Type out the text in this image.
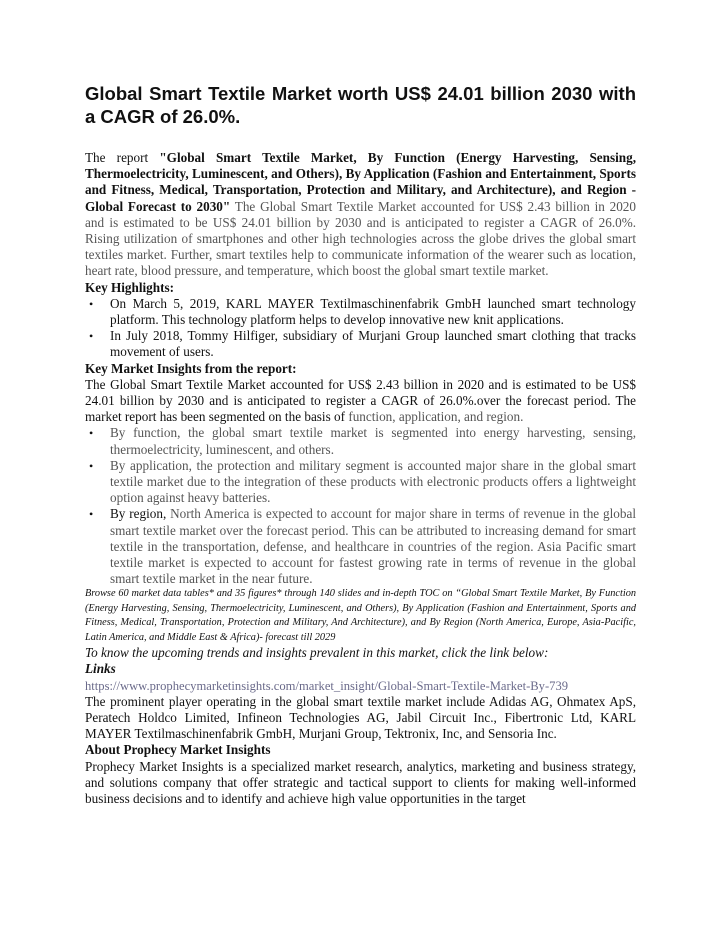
Global Smart Textile Market worth US$ 24.01 billion 2030 with a CAGR of 26.0%.

The report "Global Smart Textile Market, By Function (Energy Harvesting, Sensing, Thermoelectricity, Luminescent, and Others), By Application (Fashion and Entertainment, Sports and Fitness, Medical, Transportation, Protection and Military, and Architecture), and Region - Global Forecast to 2030" The Global Smart Textile Market accounted for US$ 2.43 billion in 2020 and is estimated to be US$ 24.01 billion by 2030 and is anticipated to register a CAGR of 26.0%. Rising utilization of smartphones and other high technologies across the globe drives the global smart textiles market. Further, smart textiles help to communicate information of the wearer such as location, heart rate, blood pressure, and temperature, which boost the global smart textile market.

Key Highlights:
• On March 5, 2019, KARL MAYER Textilmaschinenfabrik GmbH launched smart technology platform. This technology platform helps to develop innovative new knit applications.
• In July 2018, Tommy Hilfiger, subsidiary of Murjani Group launched smart clothing that tracks movement of users.
Key Market Insights from the report:

The Global Smart Textile Market accounted for US$ 2.43 billion in 2020 and is estimated to be US$ 24.01 billion by 2030 and is anticipated to register a CAGR of 26.0%.over the forecast period. The market report has been segmented on the basis of function, application, and region.

• By function, the global smart textile market is segmented into energy harvesting, sensing, thermoelectricity, luminescent, and others.
• By application, the protection and military segment is accounted major share in the global smart textile market due to the integration of these products with electronic products offers a lightweight option against heavy batteries.
• By region, North America is expected to account for major share in terms of revenue in the global smart textile market over the forecast period. This can be attributed to increasing demand for smart textile in the transportation, defense, and healthcare in countries of the region. Asia Pacific smart textile market is expected to account for fastest growing rate in terms of revenue in the global smart textile market in the near future.

Browse 60 market data tables* and 35 figures* through 140 slides and in-depth TOC on “Global Smart Textile Market, By Function (Energy Harvesting, Sensing, Thermoelectricity, Luminescent, and Others), By Application (Fashion and Entertainment, Sports and Fitness, Medical, Transportation, Protection and Military, And Architecture), and By Region (North America, Europe, Asia-Pacific, Latin America, and Middle East & Africa)- forecast till 2029

To know the upcoming trends and insights prevalent in this market, click the link below:

Links
https://www.prophecymarketinsights.com/market_insight/Global-Smart-Textile-Market-By-739

The prominent player operating in the global smart textile market include Adidas AG, Ohmatex ApS, Peratech Holdco Limited, Infineon Technologies AG, Jabil Circuit Inc., Fibertronic Ltd, KARL MAYER Textilmaschinenfabrik GmbH, Murjani Group, Tektronix, Inc, and Sensoria Inc.

About Prophecy Market Insights

Prophecy Market Insights is a specialized market research, analytics, marketing and business strategy, and solutions company that offer strategic and tactical support to clients for making well-informed business decisions and to identify and achieve high value opportunities in the target
